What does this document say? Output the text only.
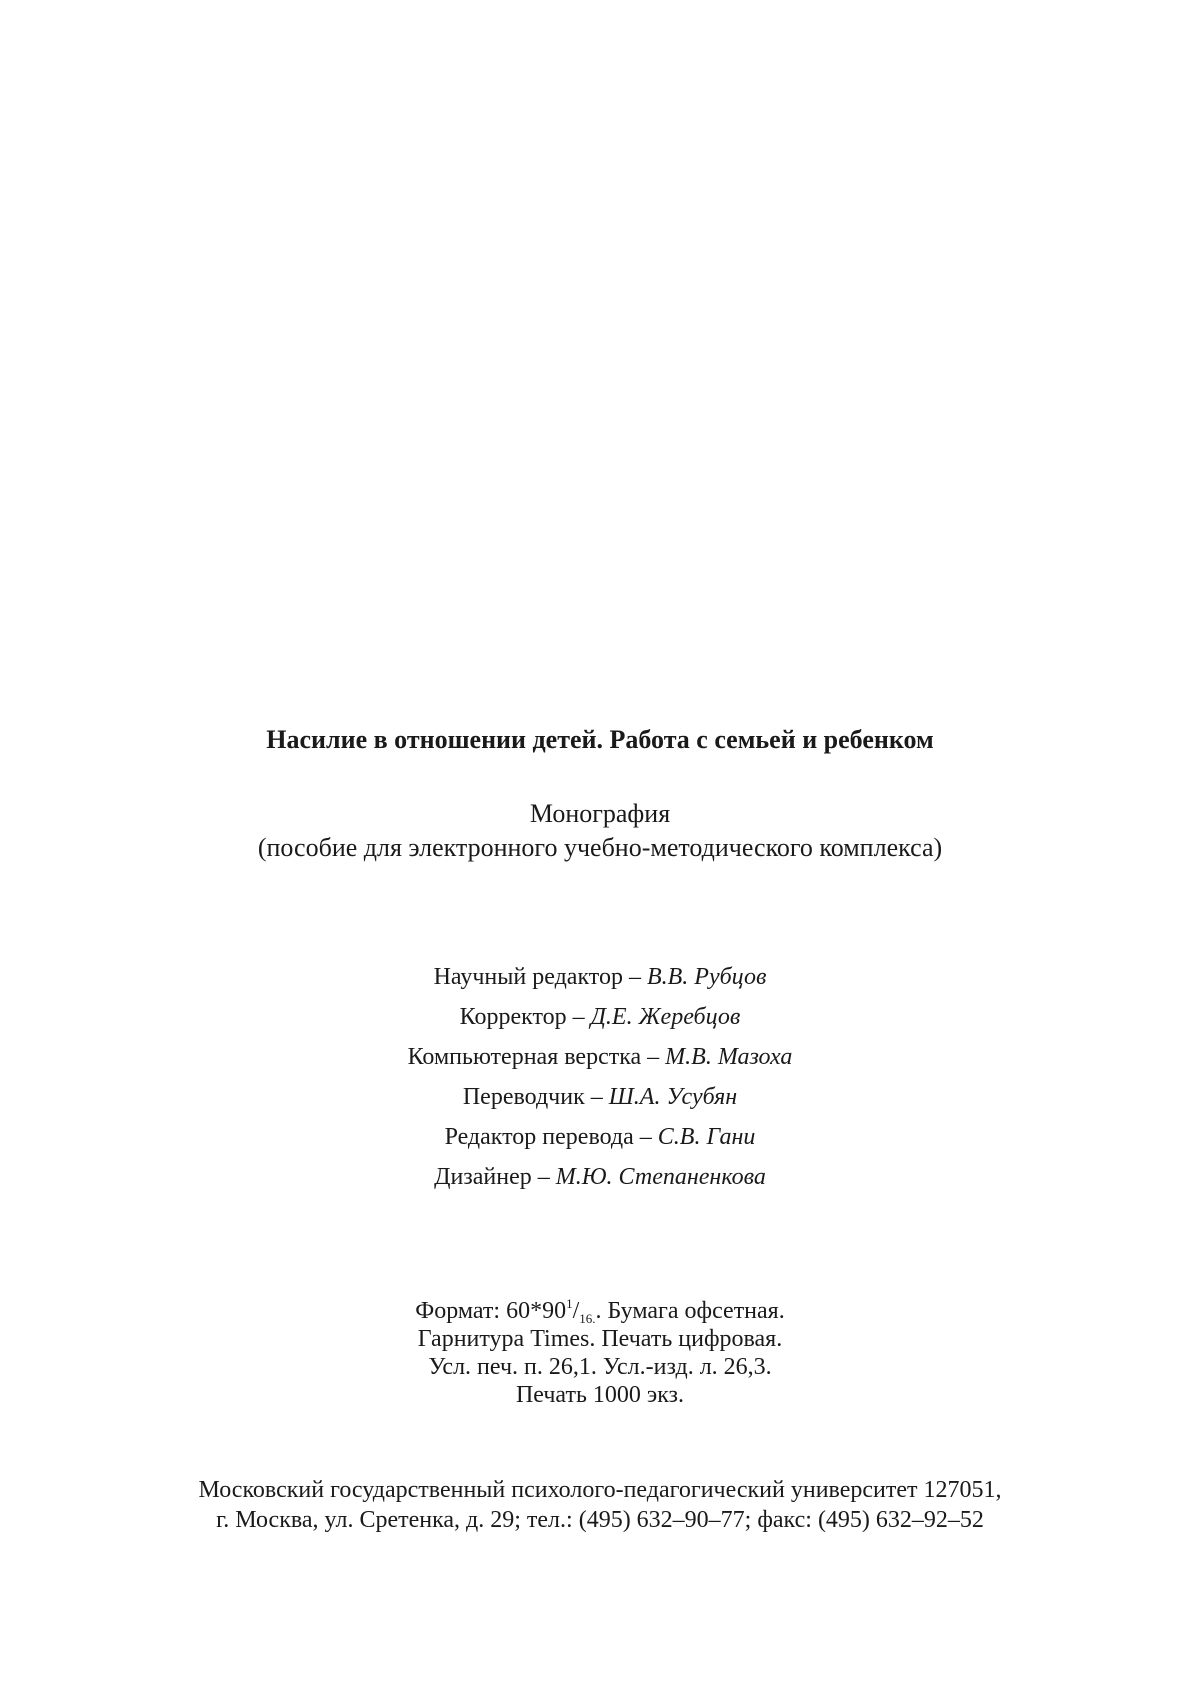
Насилие в отношении детей. Работа с семьей и ребенком
Монография
(пособие для электронного учебно-методического комплекса)
Научный редактор – В.В. Рубцов
Корректор – Д.Е. Жеребцов
Компьютерная верстка – М.В. Мазоха
Переводчик – Ш.А. Усубян
Редактор перевода – С.В. Гани
Дизайнер – М.Ю. Степаненкова
Формат: $60*90^1/_{16.}$. Бумага офсетная.
Гарнитура Times. Печать цифровая.
Усл. печ. п. 26,1. Усл.-изд. л. 26,3.
Печать 1000 экз.
Московский государственный психолого-педагогический университет 127051,
г. Москва, ул. Сретенка, д. 29; тел.: (495) 632–90–77; факс: (495) 632–92–52
